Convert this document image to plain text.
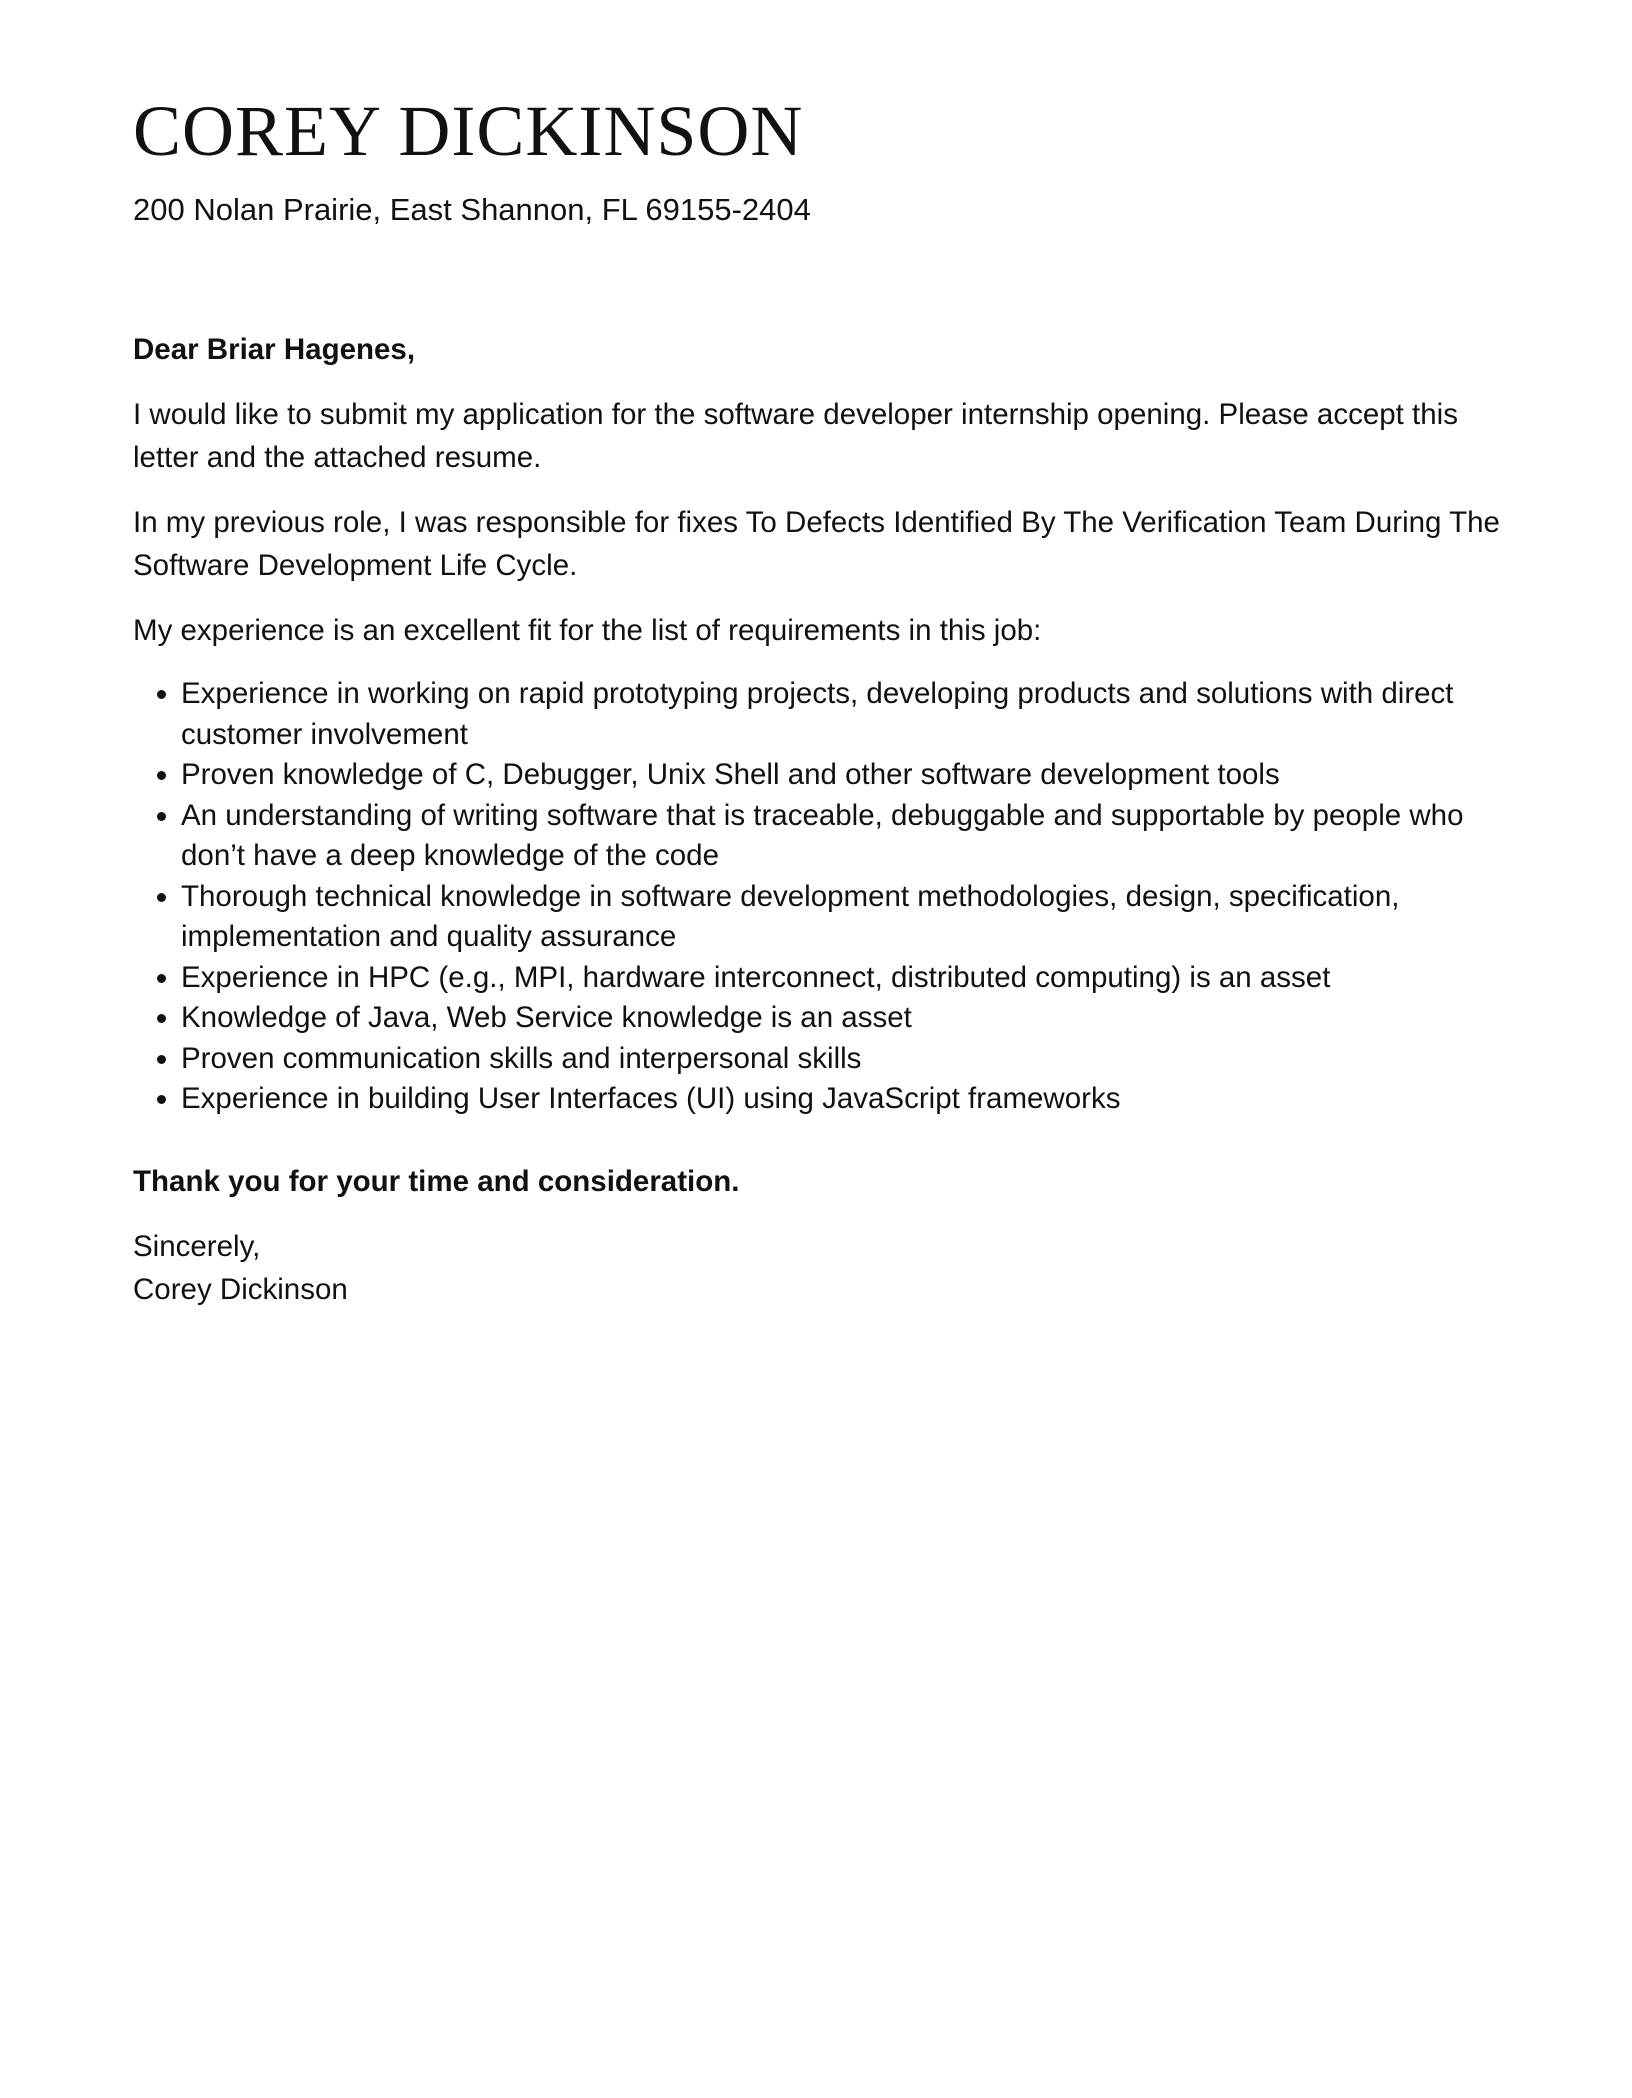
COREY DICKINSON

200 Nolan Prairie, East Shannon, FL 69155-2404

Dear Briar Hagenes,

I would like to submit my application for the software developer internship opening. Please accept this letter and the attached resume.

In my previous role, I was responsible for fixes To Defects Identified By The Verification Team During The Software Development Life Cycle.

My experience is an excellent fit for the list of requirements in this job:

• Experience in working on rapid prototyping projects, developing products and solutions with direct customer involvement
• Proven knowledge of C, Debugger, Unix Shell and other software development tools
• An understanding of writing software that is traceable, debuggable and supportable by people who don’t have a deep knowledge of the code
• Thorough technical knowledge in software development methodologies, design, specification, implementation and quality assurance
• Experience in HPC (e.g., MPI, hardware interconnect, distributed computing) is an asset
• Knowledge of Java, Web Service knowledge is an asset
• Proven communication skills and interpersonal skills
• Experience in building User Interfaces (UI) using JavaScript frameworks

Thank you for your time and consideration.

Sincerely,
Corey Dickinson
